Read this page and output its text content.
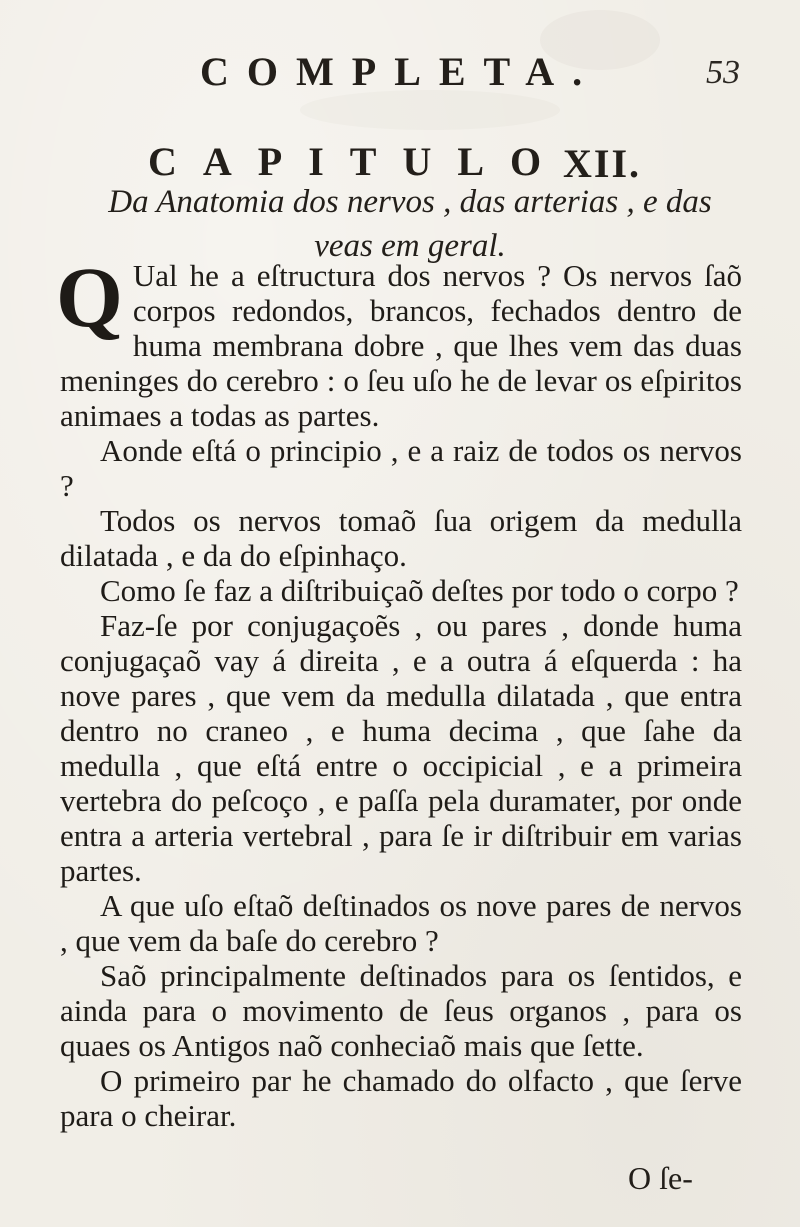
COMPLETA.	53
CAPITULO
XII.
Da Anatomia dos nervos , das arterias , e das veas em geral.

Q Ual he a eſtructura dos nervos ? Os nervos ſaõ corpos redondos, brancos, fechados dentro de huma membrana dobre , que lhes vem das duas meninges do cerebro : o ſeu uſo he de levar os eſpiritos animaes a todas as partes.

Aonde eſtá o principio , e a raiz de todos os nervos ?

Todos os nervos tomaõ ſua origem da medulla dilatada , e da do eſpinhaço.

Como ſe faz a diſtribuiçaõ deſtes por todo o corpo ?

Faz-ſe por conjugaçoẽs , ou pares , donde huma conjugaçaõ vay á direita , e a outra á eſquerda : ha nove pares , que vem da medulla dilatada , que entra dentro no craneo , e huma decima , que ſahe da medulla , que eſtá entre o occipicial , e a primeira vertebra do peſcoço , e paſſa pela duramater, por onde entra a arteria vertebral , para ſe ir diſtribuir em varias partes.

A que uſo eſtaõ deſtinados os nove pares de nervos , que vem da baſe do cerebro ?

Saõ principalmente deſtinados para os ſentidos, e ainda para o movimento de ſeus organos , para os quaes os Antigos naõ conheciaõ mais que ſette.

O primeiro par he chamado do olfacto , que ſerve para o cheirar.

O ſe-
